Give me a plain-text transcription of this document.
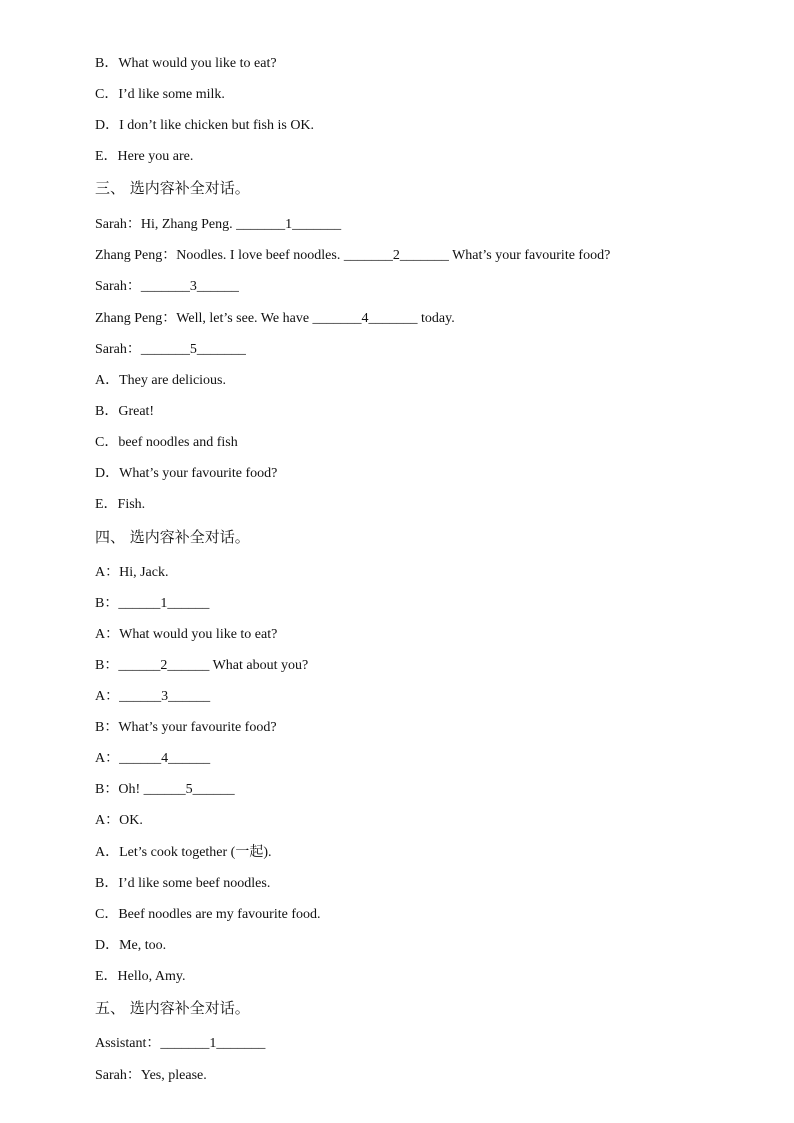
B．What would you like to eat?
C．I’d like some milk.
D．I don’t like chicken but fish is OK.
E．Here you are.
三、 选内容补全对话。
Sarah：Hi, Zhang Peng. _______1_______
Zhang Peng：Noodles. I love beef noodles. _______2_______ What’s your favourite food?
Sarah：_______3______
Zhang Peng：Well, let’s see. We have _______4_______ today.
Sarah：_______5_______
A．They are delicious.
B．Great!
C．beef noodles and fish
D．What’s your favourite food?
E．Fish.
四、 选内容补全对话。
A：Hi, Jack.
B：______1______
A：What would you like to eat?
B：______2______ What about you?
A：______3______
B：What’s your favourite food?
A：______4______
B：Oh! ______5______
A：OK.
A．Let’s cook together (一起).
B．I’d like some beef noodles.
C．Beef noodles are my favourite food.
D．Me, too.
E．Hello, Amy.
五、 选内容补全对话。
Assistant：_______1_______
Sarah：Yes, please.
